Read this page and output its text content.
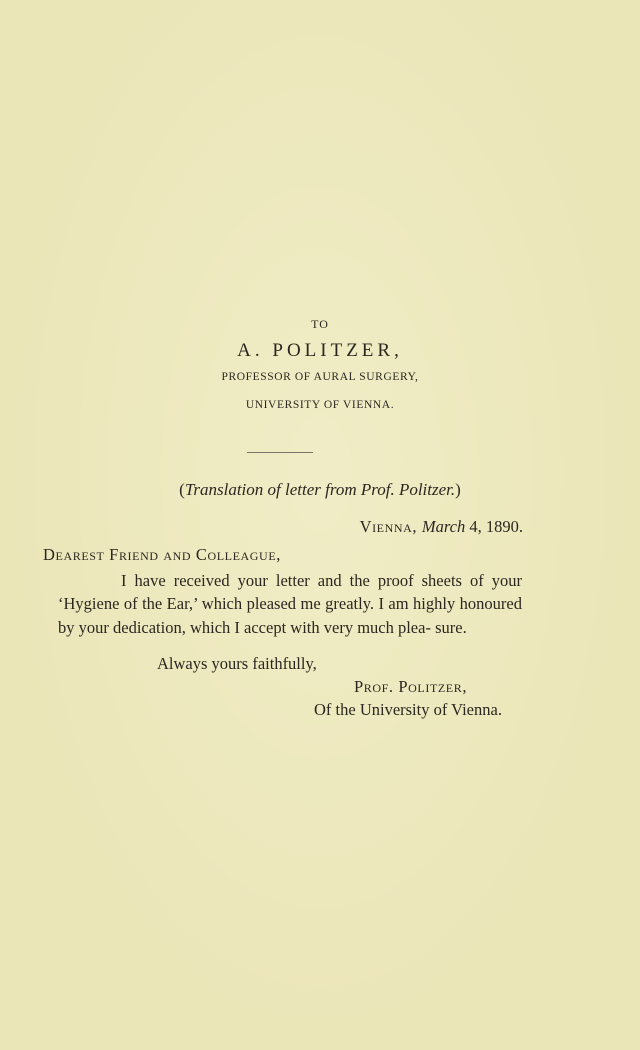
TO
A. POLITZER,
PROFESSOR OF AURAL SURGERY,
UNIVERSITY OF VIENNA.
(Translation of letter from Prof. Politzer.)
Vienna, March 4, 1890.
Dearest Friend and Colleague,

I have received your letter and the proof sheets of your ‘Hygiene of the Ear,’ which pleased me greatly. I am highly honoured by your dedication, which I accept with very much plea- sure.

Always yours faithfully,
Prof. Politzer,
Of the University of Vienna.
